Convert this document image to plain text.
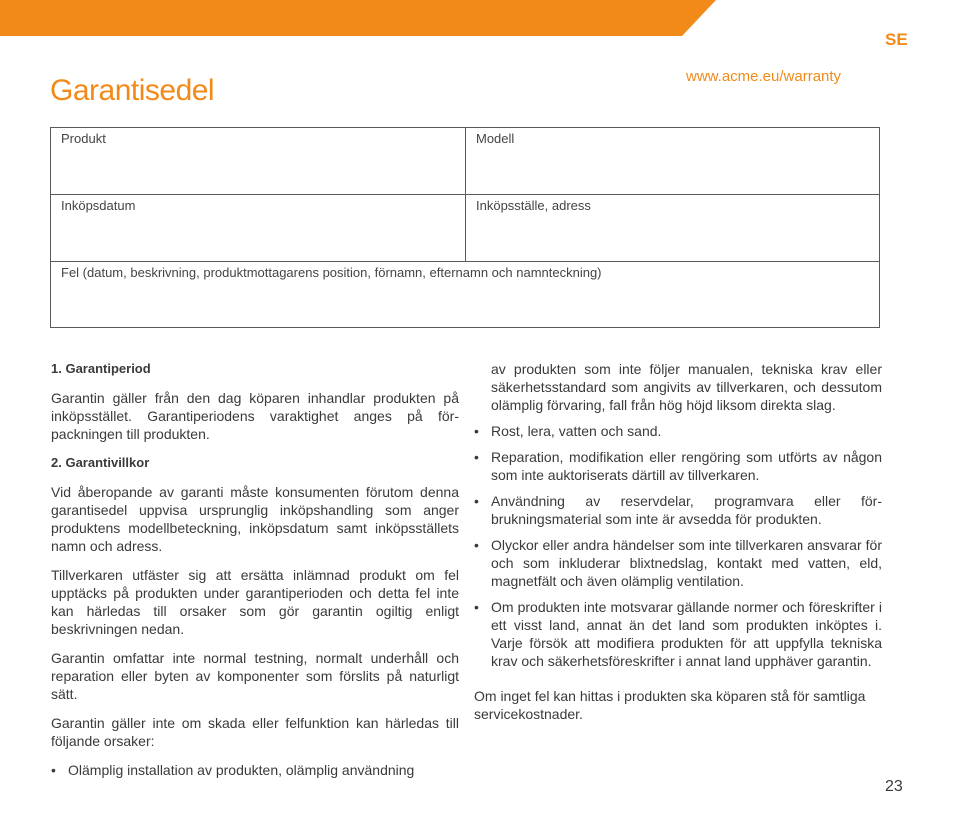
SE
Garantisedel	www.acme.eu/warranty
Produkt	Modell
Inköpsdatum	Inköpsställe, adress
Fel (datum, beskrivning, produktmottagarens position, förnamn, efternamn och namnteckning)
1. Garantiperiod

Garantin gäller från den dag köparen inhandlar produkten på inköpsstället. Garantiperiodens varaktighet anges på förpackningen till produkten.

2. Garantivillkor

Vid åberopande av garanti måste konsumenten förutom denna garantisedel uppvisa ursprunglig inköpshandling som anger produktens modellbeteckning, inköpsdatum samt inköpsställets namn och adress.

Tillverkaren utfäster sig att ersätta inlämnad produkt om fel upptäcks på produkten under garantiperioden och detta fel inte kan härledas till orsaker som gör garantin ogiltig enligt beskrivningen nedan.

Garantin omfattar inte normal testning, normalt underhåll och reparation eller byten av komponenter som förslits på naturligt sätt.

Garantin gäller inte om skada eller felfunktion kan härledas till följande orsaker:

• Olämplig installation av produkten, olämplig användning
av produkten som inte följer manualen, tekniska krav eller säkerhetsstandard som angivits av tillverkaren, och dessutom olämplig förvaring, fall från hög höjd liksom direkta slag.
• Rost, lera, vatten och sand.
• Reparation, modifikation eller rengöring som utförts av någon som inte auktoriserats därtill av tillverkaren.
• Användning av reservdelar, programvara eller förbrukningsmaterial som inte är avsedda för produkten.
• Olyckor eller andra händelser som inte tillverkaren ansvarar för och som inkluderar blixtnedslag, kontakt med vatten, eld, magnetfält och även olämplig ventilation.
• Om produkten inte motsvarar gällande normer och föreskrifter i ett visst land, annat än det land som produkten inköptes i. Varje försök att modifiera produkten för att uppfylla tekniska krav och säkerhetsföreskrifter i annat land upphäver garantin.

Om inget fel kan hittas i produkten ska köparen stå för samtliga servicekostnader.

23
